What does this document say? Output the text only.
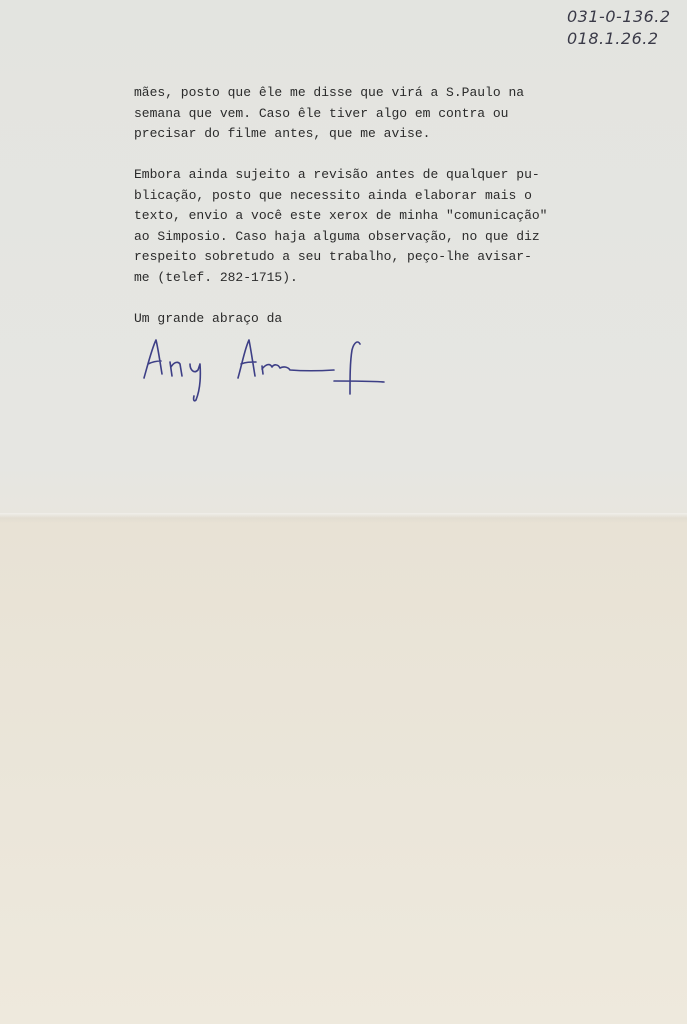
031-0-136.2
018.1.26.2
mães, posto que êle me disse que virá a S.Paulo na
semana que vem. Caso êle tiver algo em contra ou
precisar do filme antes, que me avise.
Embora ainda sujeito a revisão antes de qualquer pu-
blicação, posto que necessito ainda elaborar mais o
texto, envio a você este xerox de minha "comunicação"
ao Simposio. Caso haja alguma observação, no que diz
respeito sobretudo a seu trabalho, peço-lhe avisar-
me (telef. 282-1715).
Um grande abraço da
